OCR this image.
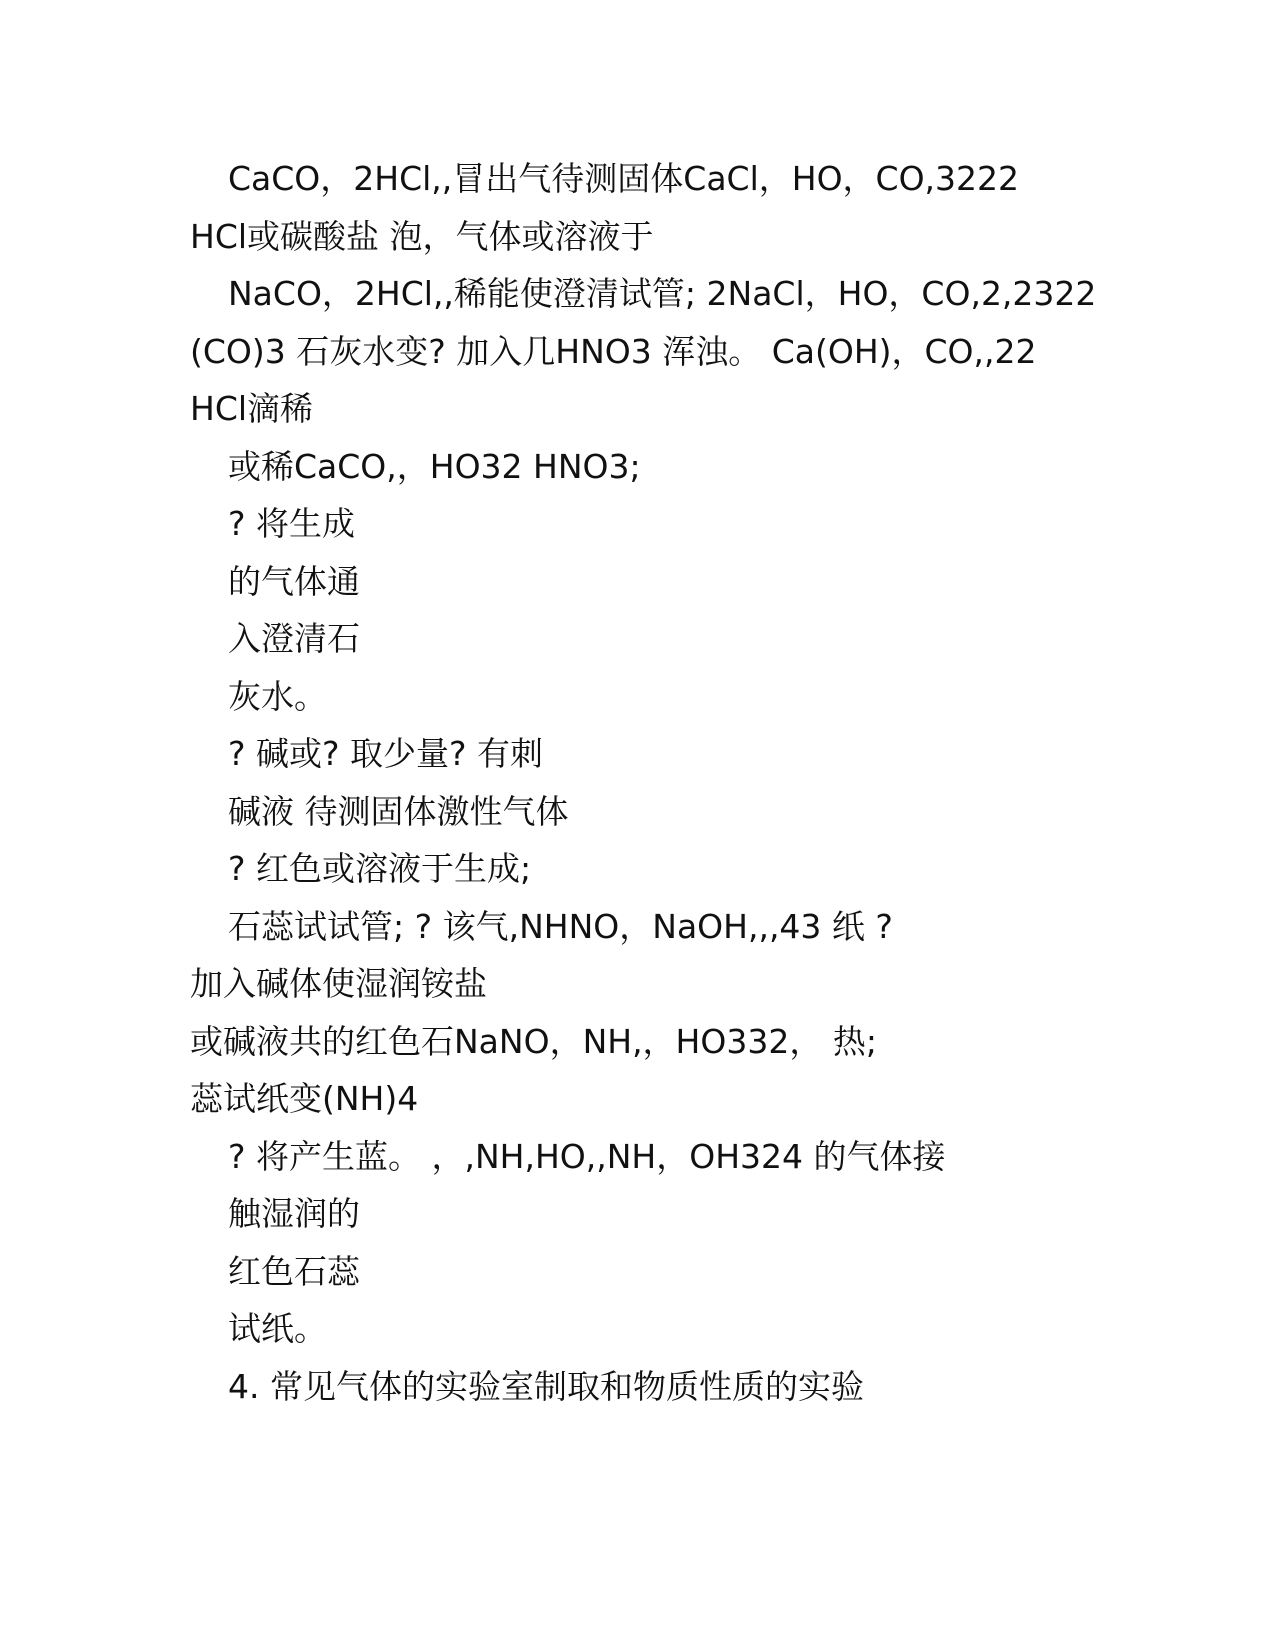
CaCO，2HCl,,冒出气待测固体CaCl，HO，CO,3222
HCl或碳酸盐 泡，气体或溶液于
NaCO，2HCl,,稀能使澄清试管; 2NaCl，HO，CO,2,2322
(CO)3 石灰水变? 加入几HNO3 浑浊。 Ca(OH)，CO,,22
HCl滴稀
或稀CaCO,，HO32 HNO3;
? 将生成
的气体通
入澄清石
灰水。
? 碱或? 取少量? 有刺
碱液 待测固体激性气体
? 红色或溶液于生成;
石蕊试试管; ? 该气,NHNO，NaOH,,,43 纸 ?
加入碱体使湿润铵盐
或碱液共的红色石NaNO，NH,，HO332， 热;
蕊试纸变(NH)4
? 将产生蓝。 ，,NH,HO,,NH，OH324 的气体接
触湿润的
红色石蕊
试纸。
4. 常见气体的实验室制取和物质性质的实验
